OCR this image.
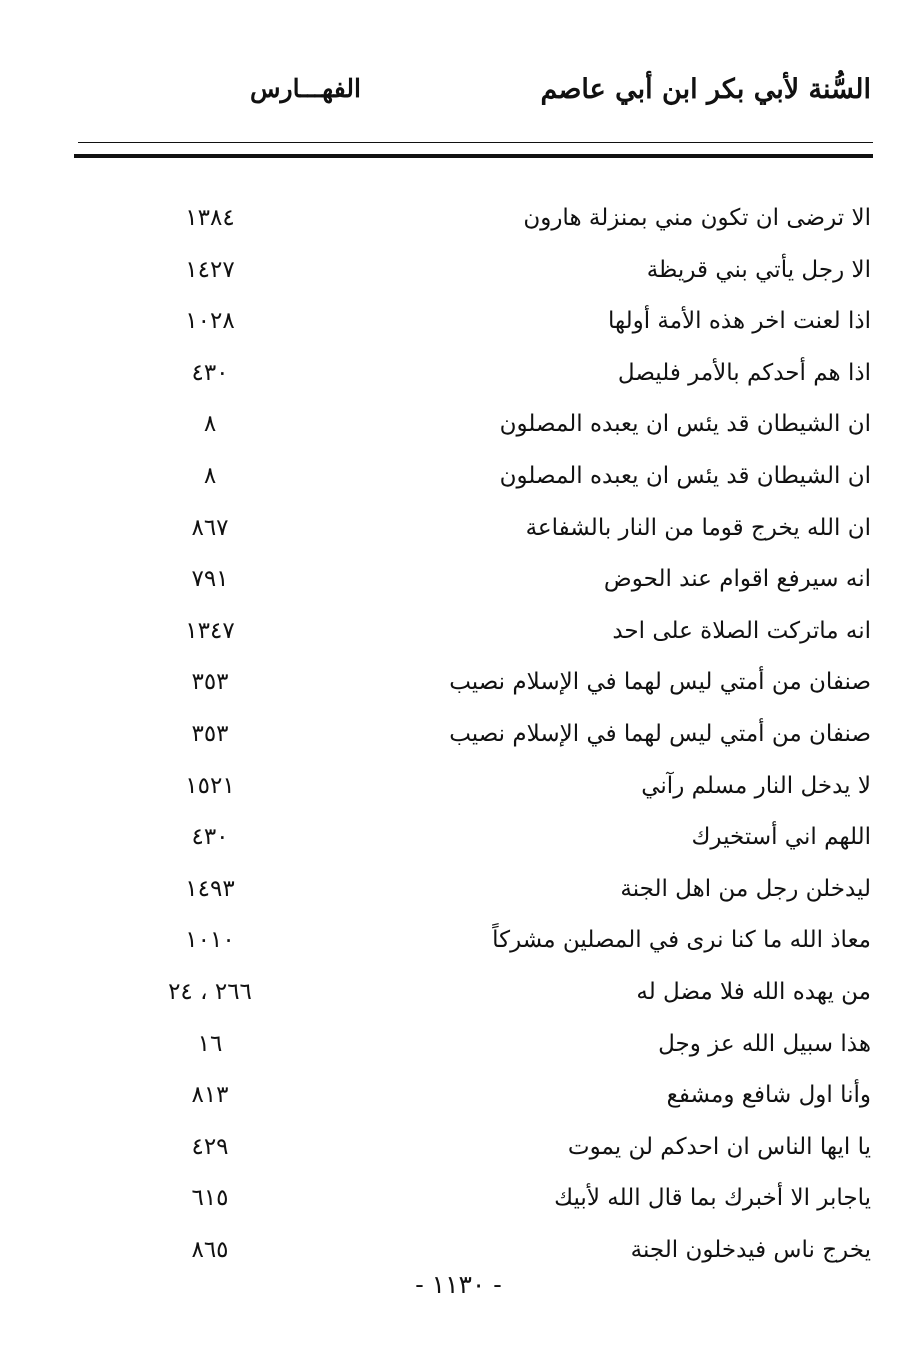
السُّنة لأبي بكر ابن أبي عاصم
الفهـــارس
الا ترضى ان تكون مني بمنزلة هارون
١٣٨٤
الا رجل يأتي بني قريظة
١٤٢٧
اذا لعنت اخر هذه الأمة أولها
١٠٢٨
اذا هم أحدكم بالأمر فليصل
٤٣٠
ان الشيطان قد يئس ان يعبده المصلون
٨
ان الشيطان قد يئس ان يعبده المصلون
٨
ان الله يخرج قوما من النار بالشفاعة
٨٦٧
انه سيرفع اقوام عند الحوض
٧٩١
انه ماتركت الصلاة على احد
١٣٤٧
صنفان من أمتي ليس لهما في الإسلام نصيب
٣٥٣
صنفان من أمتي ليس لهما في الإسلام نصيب
٣٥٣
لا يدخل النار مسلم رآني
١٥٢١
اللهم اني أستخيرك
٤٣٠
ليدخلن رجل من اهل الجنة
١٤٩٣
معاذ الله ما كنا نرى في المصلين مشركاً
١٠١٠
من يهده الله فلا مضل له
٢٦٦ ، ٢٤
هذا سبيل الله عز وجل
١٦
وأنا اول شافع ومشفع
٨١٣
يا ايها الناس ان احدكم لن يموت
٤٢٩
ياجابر الا أخبرك بما قال الله لأبيك
٦١٥
يخرج ناس فيدخلون الجنة
٨٦٥
- ١١٣٠ -
